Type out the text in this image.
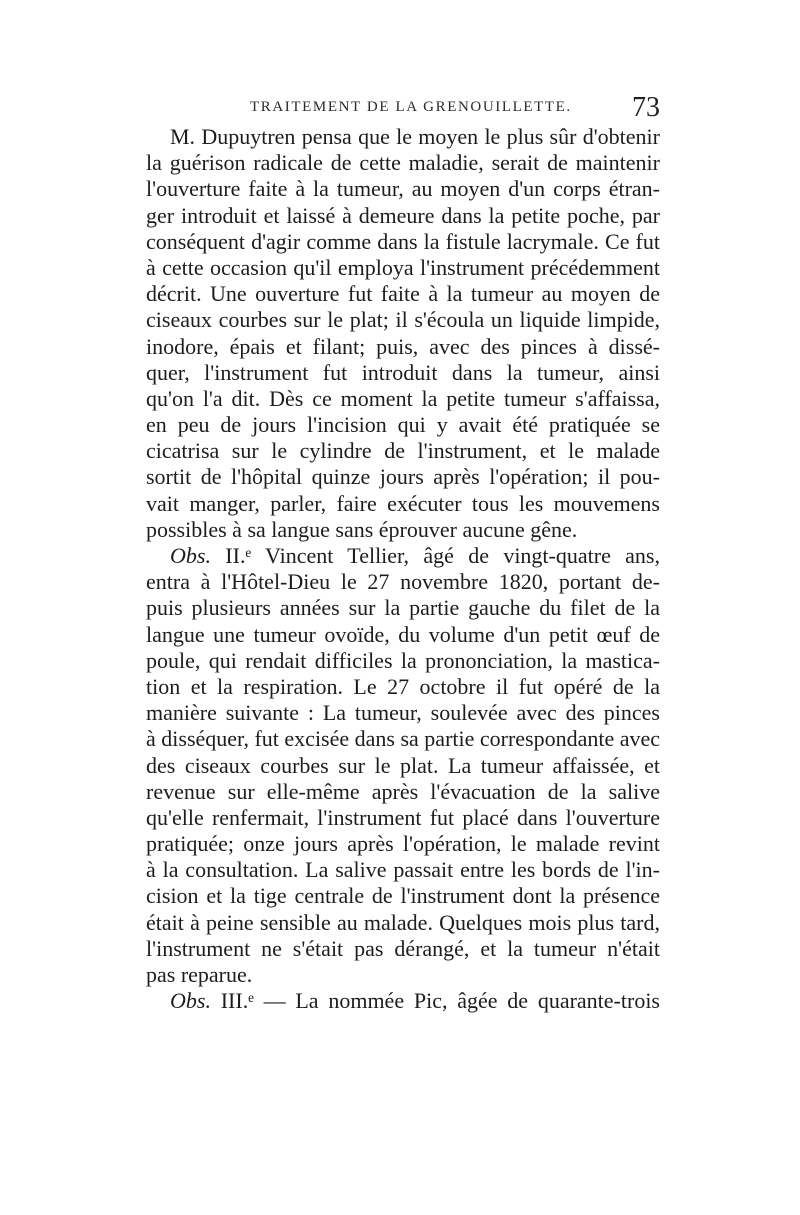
TRAITEMENT DE LA GRENOUILLETTE. 73
M. Dupuytren pensa que le moyen le plus sûr d'obtenir
la guérison radicale de cette maladie, serait de maintenir
l'ouverture faite à la tumeur, au moyen d'un corps étran-
ger introduit et laissé à demeure dans la petite poche, par
conséquent d'agir comme dans la fistule lacrymale. Ce fut
à cette occasion qu'il employa l'instrument précédemment
décrit. Une ouverture fut faite à la tumeur au moyen de
ciseaux courbes sur le plat; il s'écoula un liquide limpide,
inodore, épais et filant; puis, avec des pinces à dissé-
quer, l'instrument fut introduit dans la tumeur, ainsi
qu'on l'a dit. Dès ce moment la petite tumeur s'affaissa,
en peu de jours l'incision qui y avait été pratiquée se
cicatrisa sur le cylindre de l'instrument, et le malade
sortit de l'hôpital quinze jours après l'opération; il pou-
vait manger, parler, faire exécuter tous les mouvemens
possibles à sa langue sans éprouver aucune gêne.
Obs. II.ᵉ Vincent Tellier, âgé de vingt-quatre ans,
entra à l'Hôtel-Dieu le 27 novembre 1820, portant de-
puis plusieurs années sur la partie gauche du filet de la
langue une tumeur ovoïde, du volume d'un petit œuf de
poule, qui rendait difficiles la prononciation, la mastica-
tion et la respiration. Le 27 octobre il fut opéré de la
manière suivante : La tumeur, soulevée avec des pinces
à disséquer, fut excisée dans sa partie correspondante avec
des ciseaux courbes sur le plat. La tumeur affaissée, et
revenue sur elle-même après l'évacuation de la salive
qu'elle renfermait, l'instrument fut placé dans l'ouverture
pratiquée; onze jours après l'opération, le malade revint
à la consultation. La salive passait entre les bords de l'in-
cision et la tige centrale de l'instrument dont la présence
était à peine sensible au malade. Quelques mois plus tard,
l'instrument ne s'était pas dérangé, et la tumeur n'était
pas reparue.
Obs. III.ᵉ — La nommée Pic, âgée de quarante-trois
